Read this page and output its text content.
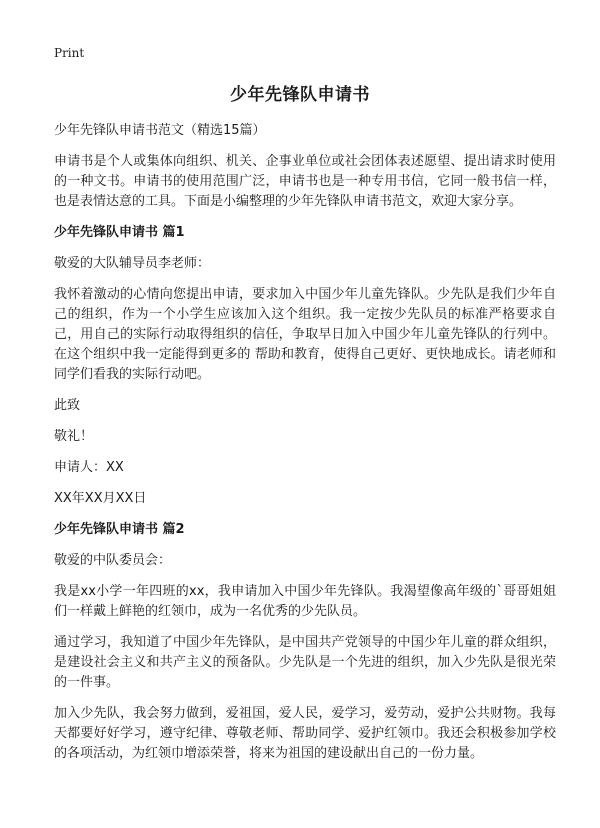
Print
少年先锋队申请书

少年先锋队申请书范文（精选15篇）

申请书是个人或集体向组织、机关、企事业单位或社会团体表述愿望、提出请求时使用的一种文书。申请书的使用范围广泛，申请书也是一种专用书信，它同一般书信一样，也是表情达意的工具。下面是小编整理的少年先锋队申请书范文，欢迎大家分享。

少年先锋队申请书 篇1

敬爱的大队辅导员李老师：

我怀着激动的心情向您提出申请，要求加入中国少年儿童先锋队。少先队是我们少年自己的组织，作为一个小学生应该加入这个组织。我一定按少先队员的标准严格要求自己，用自己的实际行动取得组织的信任，争取早日加入中国少年儿童先锋队的行列中。在这个组织中我一定能得到更多的 帮助和教育，使得自己更好、更快地成长。请老师和同学们看我的实际行动吧。

此致

敬礼！

申请人：XX

XX年XX月XX日

少年先锋队申请书 篇2

敬爱的中队委员会：

我是xx小学一年四班的xx，我申请加入中国少年先锋队。我渴望像高年级的`哥哥姐姐们一样戴上鲜艳的红领巾，成为一名优秀的少先队员。

通过学习，我知道了中国少年先锋队，是中国共产党领导的中国少年儿童的群众组织，是建设社会主义和共产主义的预备队。少先队是一个先进的组织，加入少先队是很光荣的一件事。

加入少先队，我会努力做到，爱祖国，爱人民，爱学习，爱劳动，爱护公共财物。我每天都要好好学习，遵守纪律、尊敬老师、帮助同学、爱护红领巾。我还会积极参加学校的各项活动，为红领巾增添荣誉，将来为祖国的建设献出自己的一份力量。
